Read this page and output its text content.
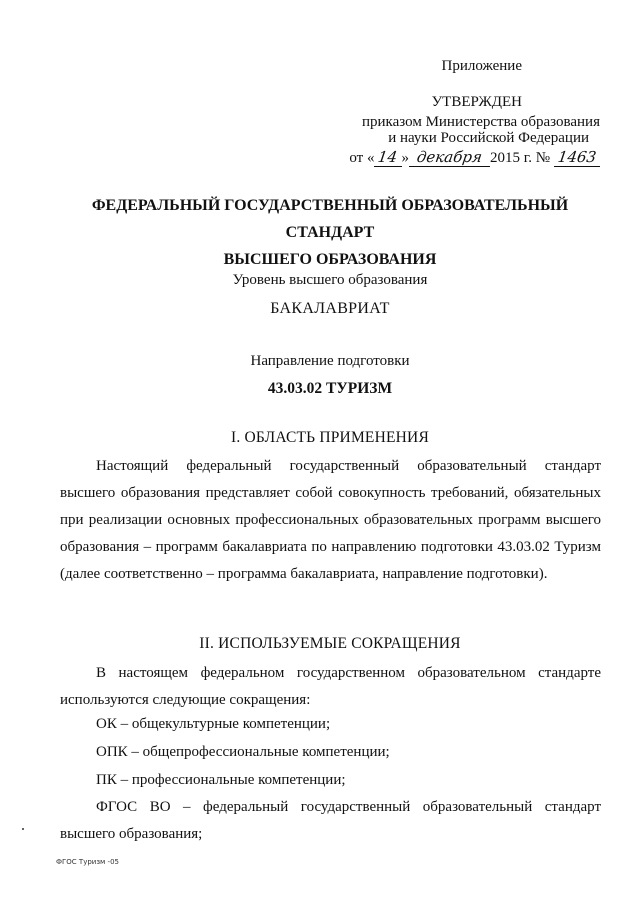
Приложение
УТВЕРЖДЕН
приказом Министерства образования
и науки Российской Федерации
от « 14 » декабря 2015 г. № 1463
ФЕДЕРАЛЬНЫЙ ГОСУДАРСТВЕННЫЙ ОБРАЗОВАТЕЛЬНЫЙ СТАНДАРТ
ВЫСШЕГО ОБРАЗОВАНИЯ
Уровень высшего образования
БАКАЛАВРИАТ
Направление подготовки
43.03.02 ТУРИЗМ
I. ОБЛАСТЬ ПРИМЕНЕНИЯ
Настоящий федеральный государственный образовательный стандарт высшего образования представляет собой совокупность требований, обязательных при реализации основных профессиональных образовательных программ высшего образования – программ бакалавриата по направлению подготовки 43.03.02 Туризм (далее соответственно – программа бакалавриата, направление подготовки).
II. ИСПОЛЬЗУЕМЫЕ СОКРАЩЕНИЯ
В настоящем федеральном государственном образовательном стандарте используются следующие сокращения:
ОК – общекультурные компетенции;
ОПК – общепрофессиональные компетенции;
ПК – профессиональные компетенции;
ФГОС ВО – федеральный государственный образовательный стандарт высшего образования;
ФГОС Туризм -05
